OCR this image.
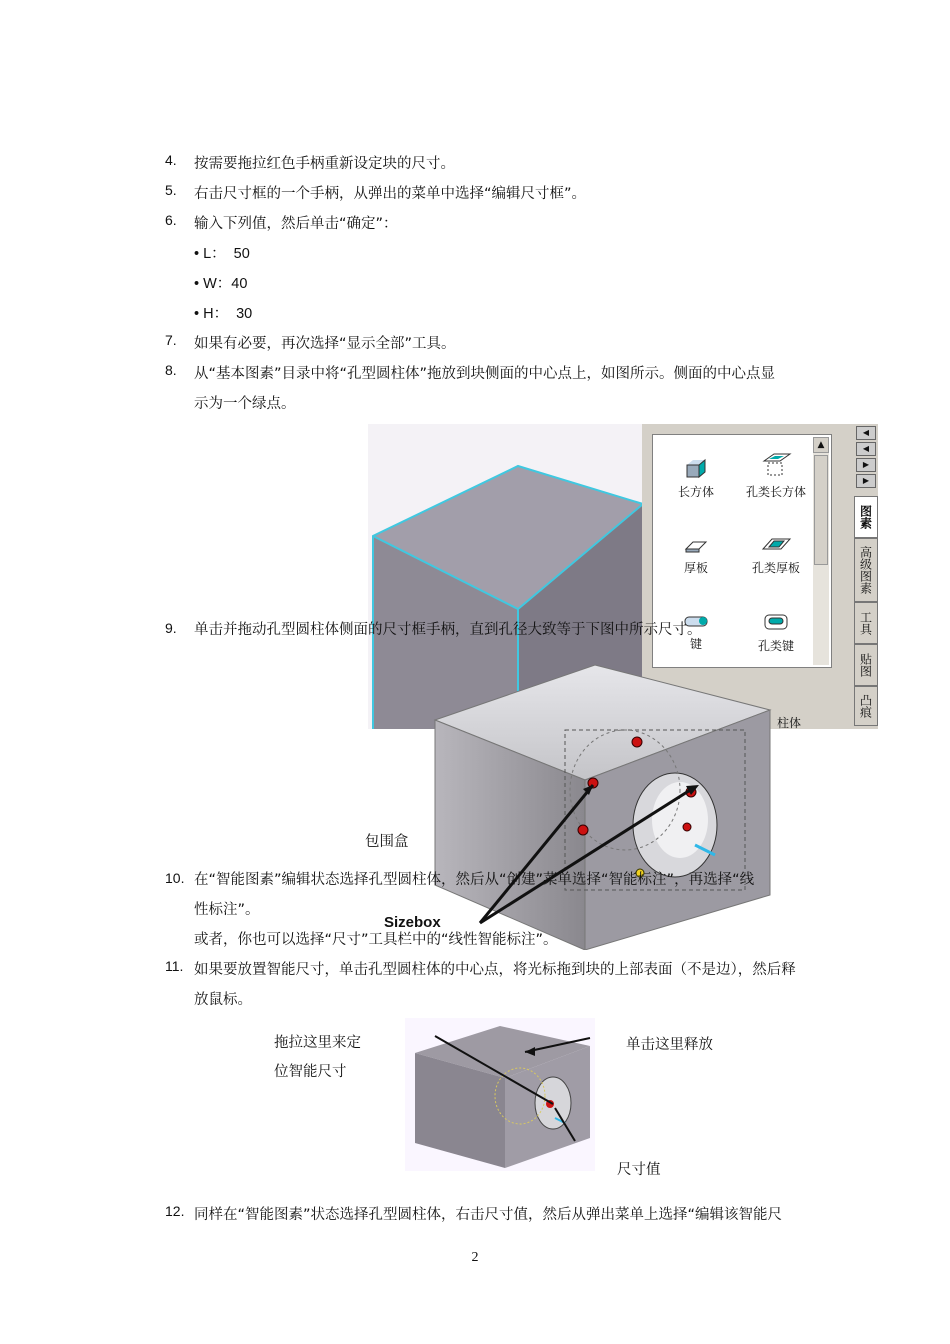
4. 按需要拖拉红色手柄重新设定块的尺寸。
5. 右击尺寸框的一个手柄，从弹出的菜单中选择“编辑尺寸框”。
6. 输入下列值，然后单击“确定”：
• L： 50
• W：40
• H： 30
7. 如果有必要，再次选择“显示全部”工具。
8. 从“基本图素”目录中将“孔型圆柱体”拖放到块侧面的中心点上，如图所示。侧面的中心点显
示为一个绿点。
长方体	孔类长方体
厚板	孔类厚板
键	孔类键
▲
柱体
◀
◀
▶
▶
图素
高级图素
工具
贴图
凸痕
9. 单击并拖动孔型圆柱体侧面的尺寸框手柄，直到孔径大致等于下图中所示尺寸。
包围盒
Sizebox
10. 在“智能图素”编辑状态选择孔型圆柱体，然后从“创建”菜单选择“智能标注”，再选择“线
性标注”。
或者，你也可以选择“尺寸”工具栏中的“线性智能标注”。
11. 如果要放置智能尺寸，单击孔型圆柱体的中心点，将光标拖到块的上部表面（不是边），然后释
放鼠标。
拖拉这里来定
位智能尺寸
单击这里释放
尺寸值
12. 同样在“智能图素”状态选择孔型圆柱体，右击尺寸值，然后从弹出菜单上选择“编辑该智能尺
2
